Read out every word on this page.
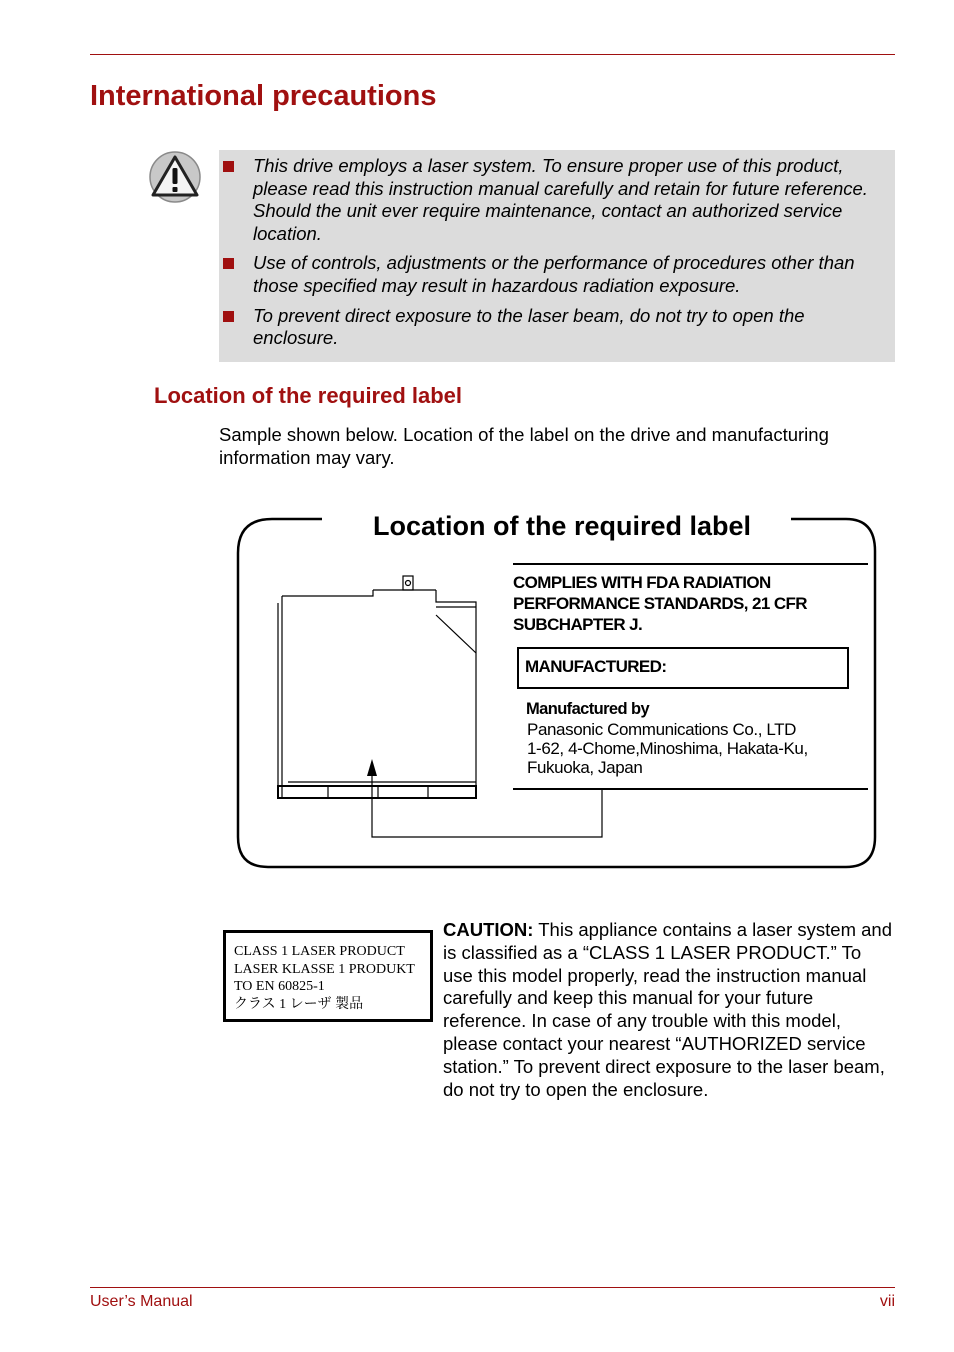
International precautions
This drive employs a laser system. To ensure proper use of this product, please read this instruction manual carefully and retain for future reference. Should the unit ever require maintenance, contact an authorized service location.
Use of controls, adjustments or the performance of procedures other than those specified may result in hazardous radiation exposure.
To prevent direct exposure to the laser beam, do not try to open the enclosure.
Location of the required label

Sample shown below. Location of the label on the drive and manufacturing information may vary.

Location of the required label
COMPLIES WITH FDA RADIATION
PERFORMANCE STANDARDS, 21 CFR
SUBCHAPTER J.
MANUFACTURED:
Manufactured by
Panasonic Communications Co., LTD
1-62, 4-Chome,Minoshima, Hakata-Ku,
Fukuoka, Japan
CLASS 1 LASER PRODUCT
LASER KLASSE 1 PRODUKT
TO EN 60825-1
クラス 1 レーザ 製品

CAUTION: This appliance contains a laser system and is classified as a “CLASS 1 LASER PRODUCT.” To use this model properly, read the instruction manual carefully and keep this manual for your future reference. In case of any trouble with this model, please contact your nearest “AUTHORIZED service station.” To prevent direct exposure to the laser beam, do not try to open the enclosure.

User’s Manual	vii
